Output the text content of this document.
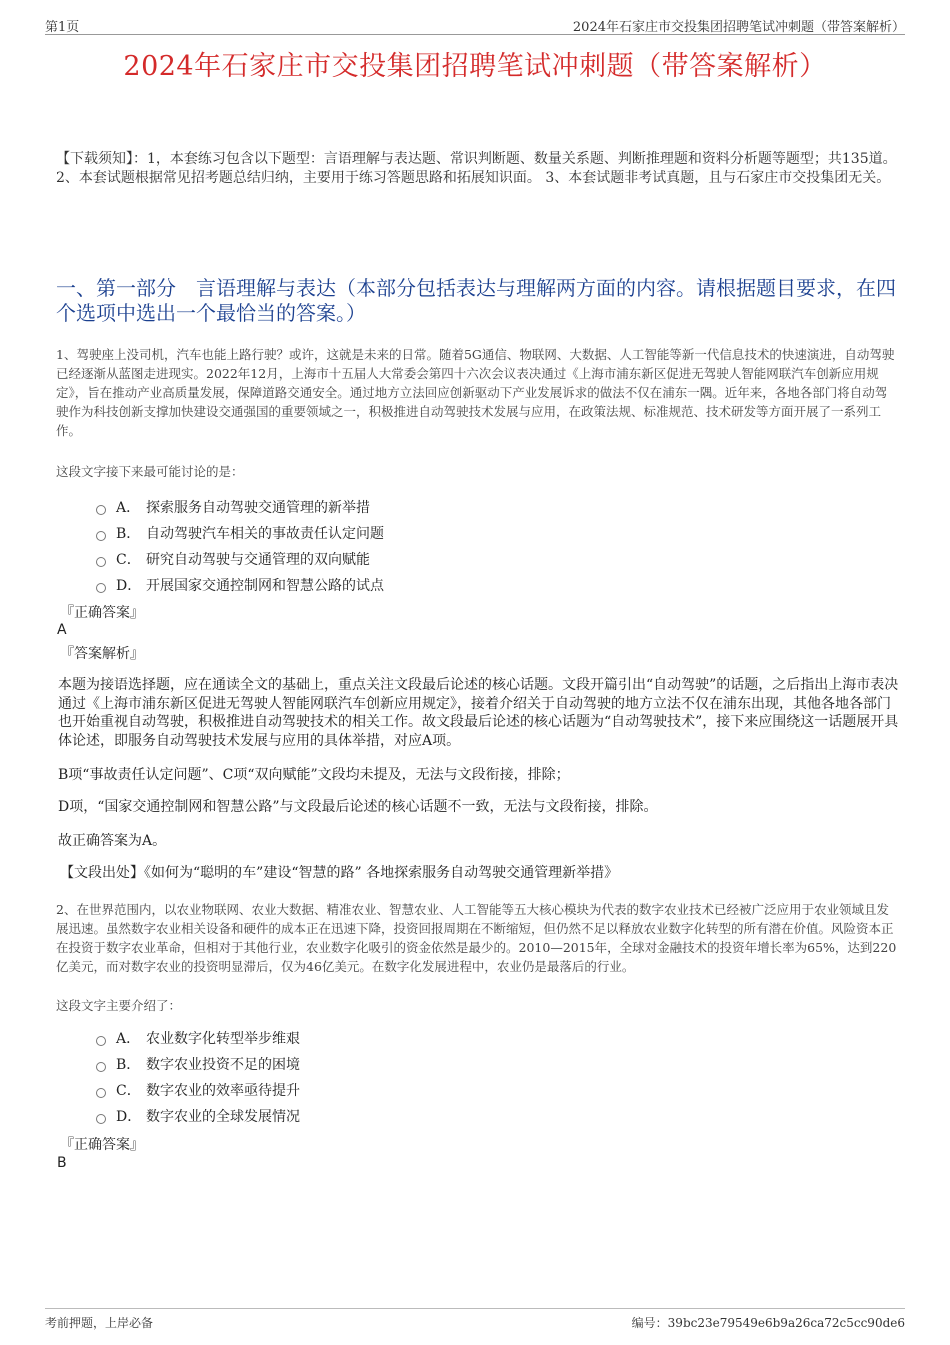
第1页	2024年石家庄市交投集团招聘笔试冲刺题（带答案解析）
2024年石家庄市交投集团招聘笔试冲刺题（带答案解析）
【下载须知】：1，本套练习包含以下题型：言语理解与表达题、常识判断题、数量关系题、判断推理题和资料分析题等题型；共135道。 2、本套试题根据常见招考题总结归纳，主要用于练习答题思路和拓展知识面。 3、本套试题非考试真题，且与石家庄市交投集团无关。
一、第一部分　言语理解与表达（本部分包括表达与理解两方面的内容。请根据题目要求，在四个选项中选出一个最恰当的答案。）
1、驾驶座上没司机，汽车也能上路行驶？或许，这就是未来的日常。随着5G通信、物联网、大数据、人工智能等新一代信息技术的快速演进，自动驾驶已经逐渐从蓝图走进现实。2022年12月，上海市十五届人大常委会第四十六次会议表决通过《上海市浦东新区促进无驾驶人智能网联汽车创新应用规定》，旨在推动产业高质量发展，保障道路交通安全。通过地方立法回应创新驱动下产业发展诉求的做法不仅在浦东一隅。近年来，各地各部门将自动驾驶作为科技创新支撑加快建设交通强国的重要领域之一，积极推进自动驾驶技术发展与应用，在政策法规、标准规范、技术研发等方面开展了一系列工作。
这段文字接下来最可能讨论的是：
A． 探索服务自动驾驶交通管理的新举措
B． 自动驾驶汽车相关的事故责任认定问题
C． 研究自动驾驶与交通管理的双向赋能
D． 开展国家交通控制网和智慧公路的试点
『正确答案』
A
『答案解析』
本题为接语选择题，应在通读全文的基础上，重点关注文段最后论述的核心话题。文段开篇引出“自动驾驶”的话题，之后指出上海市表决通过《上海市浦东新区促进无驾驶人智能网联汽车创新应用规定》，接着介绍关于自动驾驶的地方立法不仅在浦东出现，其他各地各部门也开始重视自动驾驶，积极推进自动驾驶技术的相关工作。故文段最后论述的核心话题为“自动驾驶技术”，接下来应围绕这一话题展开具体论述，即服务自动驾驶技术发展与应用的具体举措，对应A项。
B项“事故责任认定问题”、C项“双向赋能”文段均未提及，无法与文段衔接，排除；
D项，“国家交通控制网和智慧公路”与文段最后论述的核心话题不一致，无法与文段衔接，排除。
故正确答案为A。
【文段出处】《如何为“聪明的车”建设“智慧的路” 各地探索服务自动驾驶交通管理新举措》
2、在世界范围内，以农业物联网、农业大数据、精准农业、智慧农业、人工智能等五大核心模块为代表的数字农业技术已经被广泛应用于农业领域且发展迅速。虽然数字农业相关设备和硬件的成本正在迅速下降，投资回报周期在不断缩短，但仍然不足以释放农业数字化转型的所有潜在价值。风险资本正在投资于数字农业革命，但相对于其他行业，农业数字化吸引的资金依然是最少的。2010—2015年，全球对金融技术的投资年增长率为65%，达到220亿美元，而对数字农业的投资明显滞后，仅为46亿美元。在数字化发展进程中，农业仍是最落后的行业。
这段文字主要介绍了：
A． 农业数字化转型举步维艰
B． 数字农业投资不足的困境
C． 数字农业的效率亟待提升
D． 数字农业的全球发展情况
『正确答案』
B
考前押题，上岸必备	编号：39bc23e79549e6b9a26ca72c5cc90de6
